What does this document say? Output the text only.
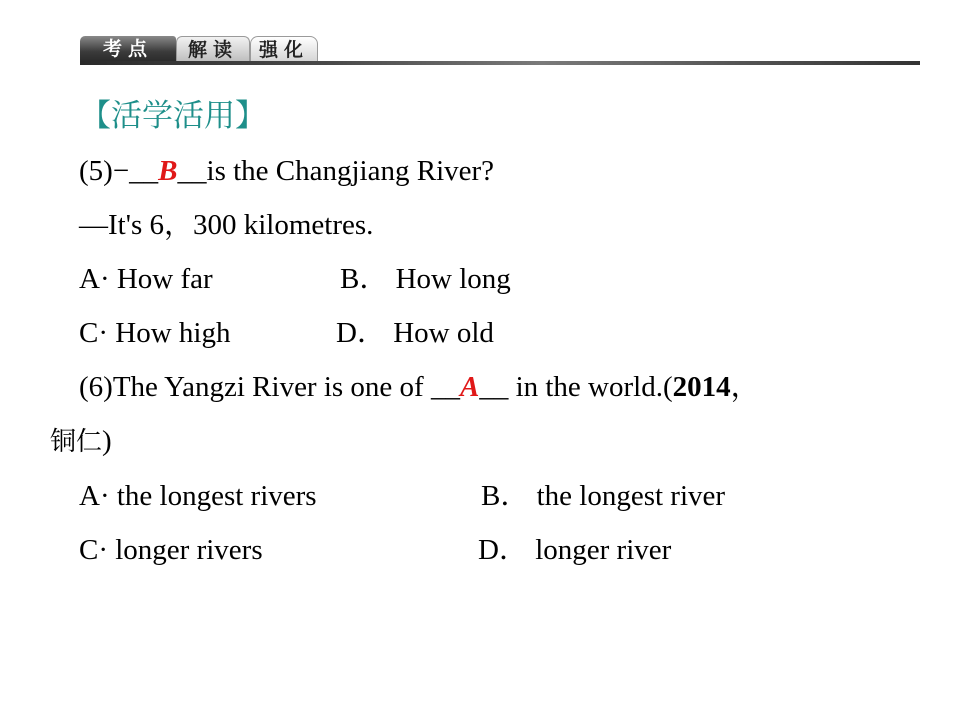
考点	解读	强化
【活学活用】
(5)−__B__is the Changjiang River?
—It's 6，300 kilometres.
A· How far	B． How long
C· How high	D． How old
(6)The Yangzi River is one of __A__ in the world.(2014，
铜仁)
A· the longest rivers	B． the longest river
C· longer rivers	D． longer river
